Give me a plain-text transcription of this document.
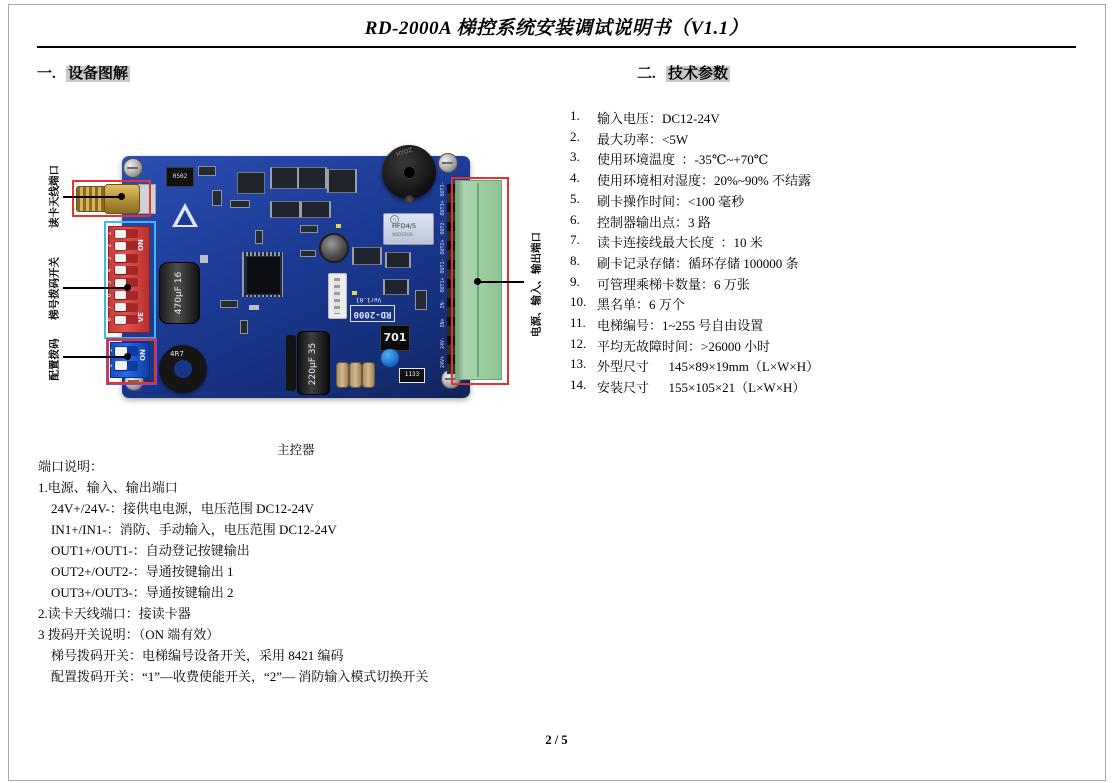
RD-2000A 梯控系统安装调试说明书（V1.1）
一. 设备图解	二. 技术参数
HYDZ
HFD4/5
X0012US
H
470µF 16
4R7
Ver1.01
RD-2000
701
220µF 35	1133
0502
1
2
3
4
5
6
7
8
ON
VE
1
2
ON
OUT3-
OUT3+
OUT2-
OUT2+
OUT1-
OUT1+
IN-
IN+
24V-
24V+
读卡天线端口
梯号拨码开关
配置拨码
电源、输入、输出端口
主控器
1.	输入电压：DC12-24V
2.	最大功率：<5W
3.	使用环境温度  ：-35℃~+70℃
4.	使用环境相对湿度：20%~90% 不结露
5.	刷卡操作时间：<100 毫秒
6.	控制器输出点：3 路
7.	读卡连接线最大长度  ：10 米
8.	刷卡记录存储：循环存储 100000 条
9.	可管理乘梯卡数量：6 万张
10. 黑名单：6 万个
11. 电梯编号：1~255 号自由设置
12. 平均无故障时间：>26000 小时
13. 外型尺寸      145×89×19mm（L×W×H）
14. 安装尺寸      155×105×21（L×W×H）
端口说明：
1.电源、输入、输出端口
24V+/24V-：接供电电源，电压范围 DC12-24V
IN1+/IN1-：消防、手动输入，电压范围 DC12-24V
OUT1+/OUT1-：自动登记按键输出
OUT2+/OUT2-：导通按键输出 1
OUT3+/OUT3-：导通按键输出 2
2.读卡天线端口：接读卡器
3 拨码开关说明：（ON 端有效）
梯号拨码开关：电梯编号设备开关，采用 8421 编码
配置拨码开关：“1”—收费使能开关，“2”— 消防输入模式切换开关
2 / 5
